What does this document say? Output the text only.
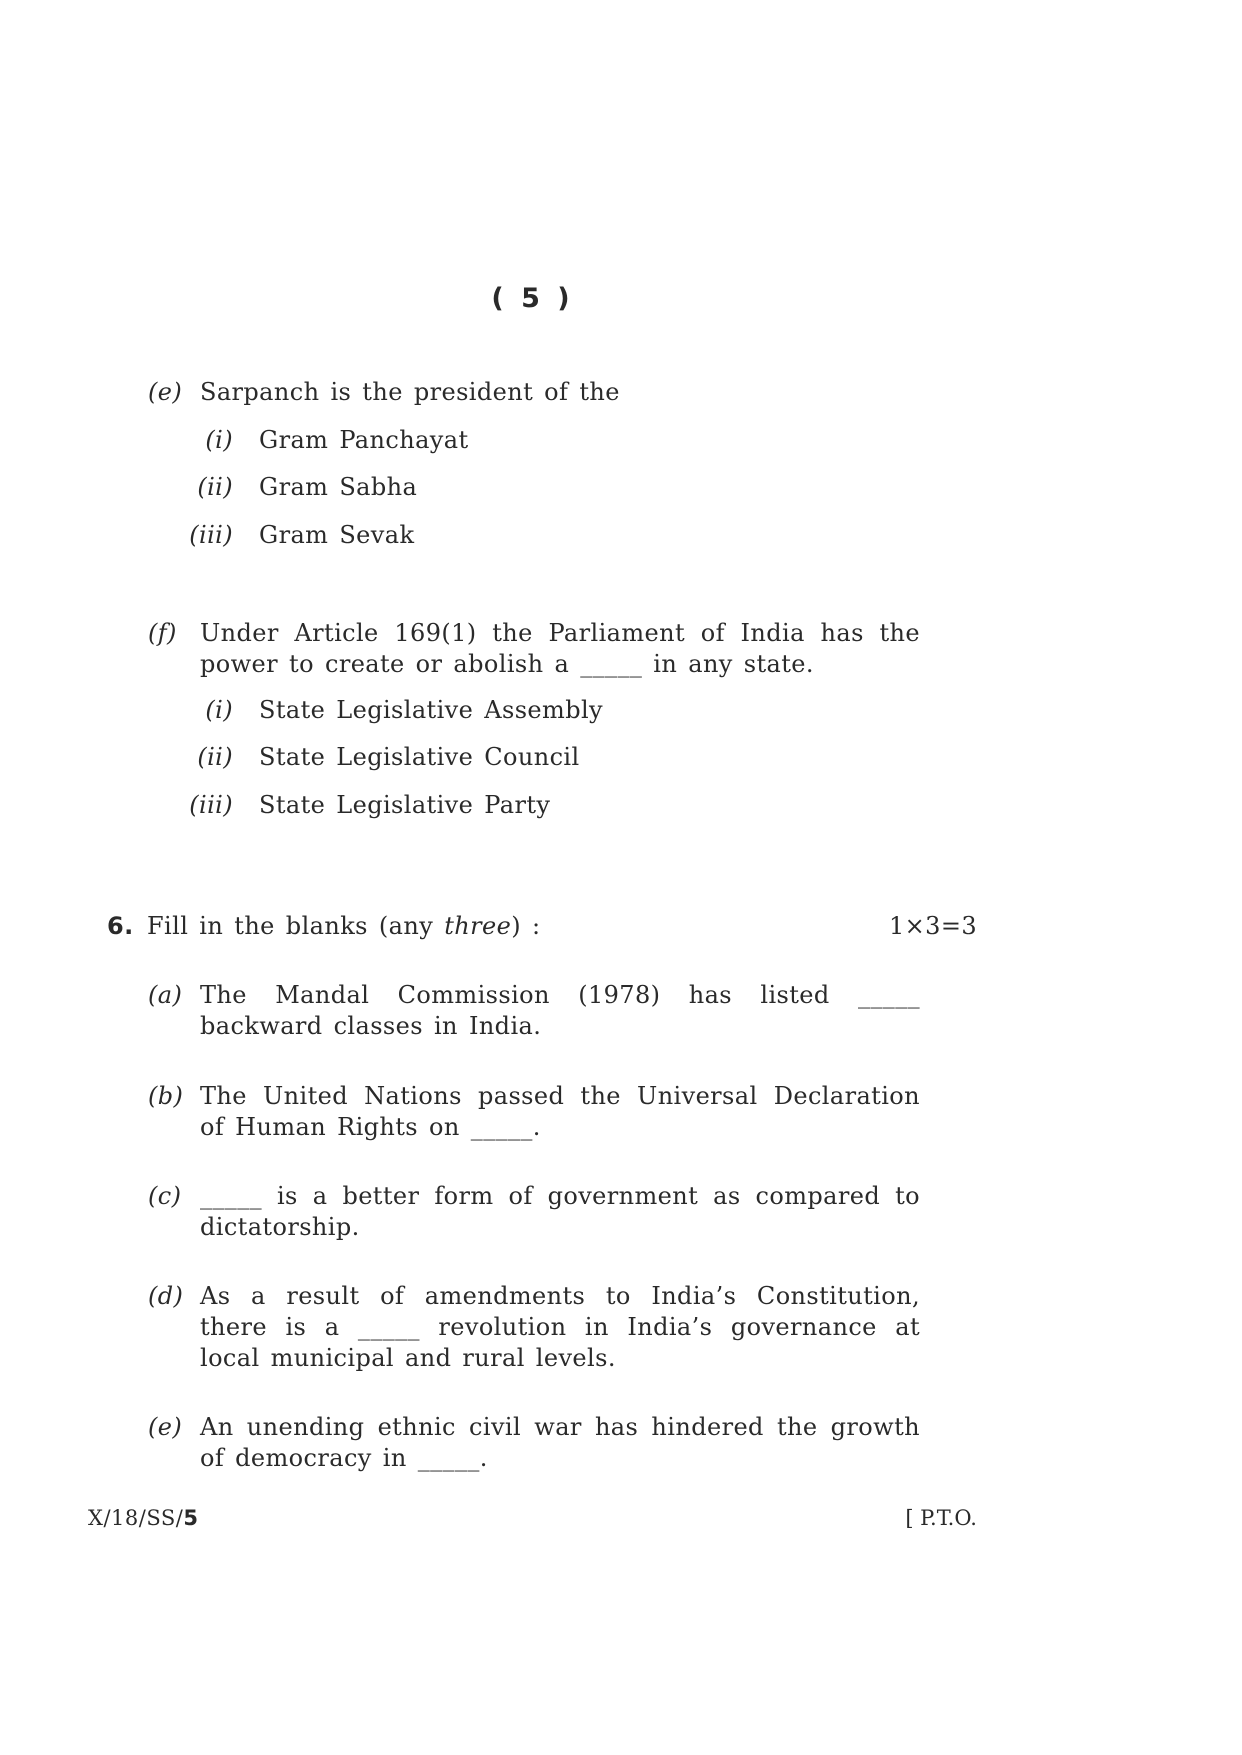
( 5 )
(e) Sarpanch is the president of the
(i) Gram Panchayat
(ii) Gram Sabha
(iii) Gram Sevak
(f) Under Article 169(1) the Parliament of India has the power to create or abolish a _____ in any state.
(i) State Legislative Assembly
(ii) State Legislative Council
(iii) State Legislative Party
6. Fill in the blanks (any three) :	1×3=3
(a) The Mandal Commission (1978) has listed _____ backward classes in India.
(b) The United Nations passed the Universal Declaration of Human Rights on _____.
(c) _____ is a better form of government as compared to dictatorship.
(d) As a result of amendments to India’s Constitution, there is a _____ revolution in India’s governance at local municipal and rural levels.
(e) An unending ethnic civil war has hindered the growth of democracy in _____.
X/18/SS/5	[ P.T.O.
